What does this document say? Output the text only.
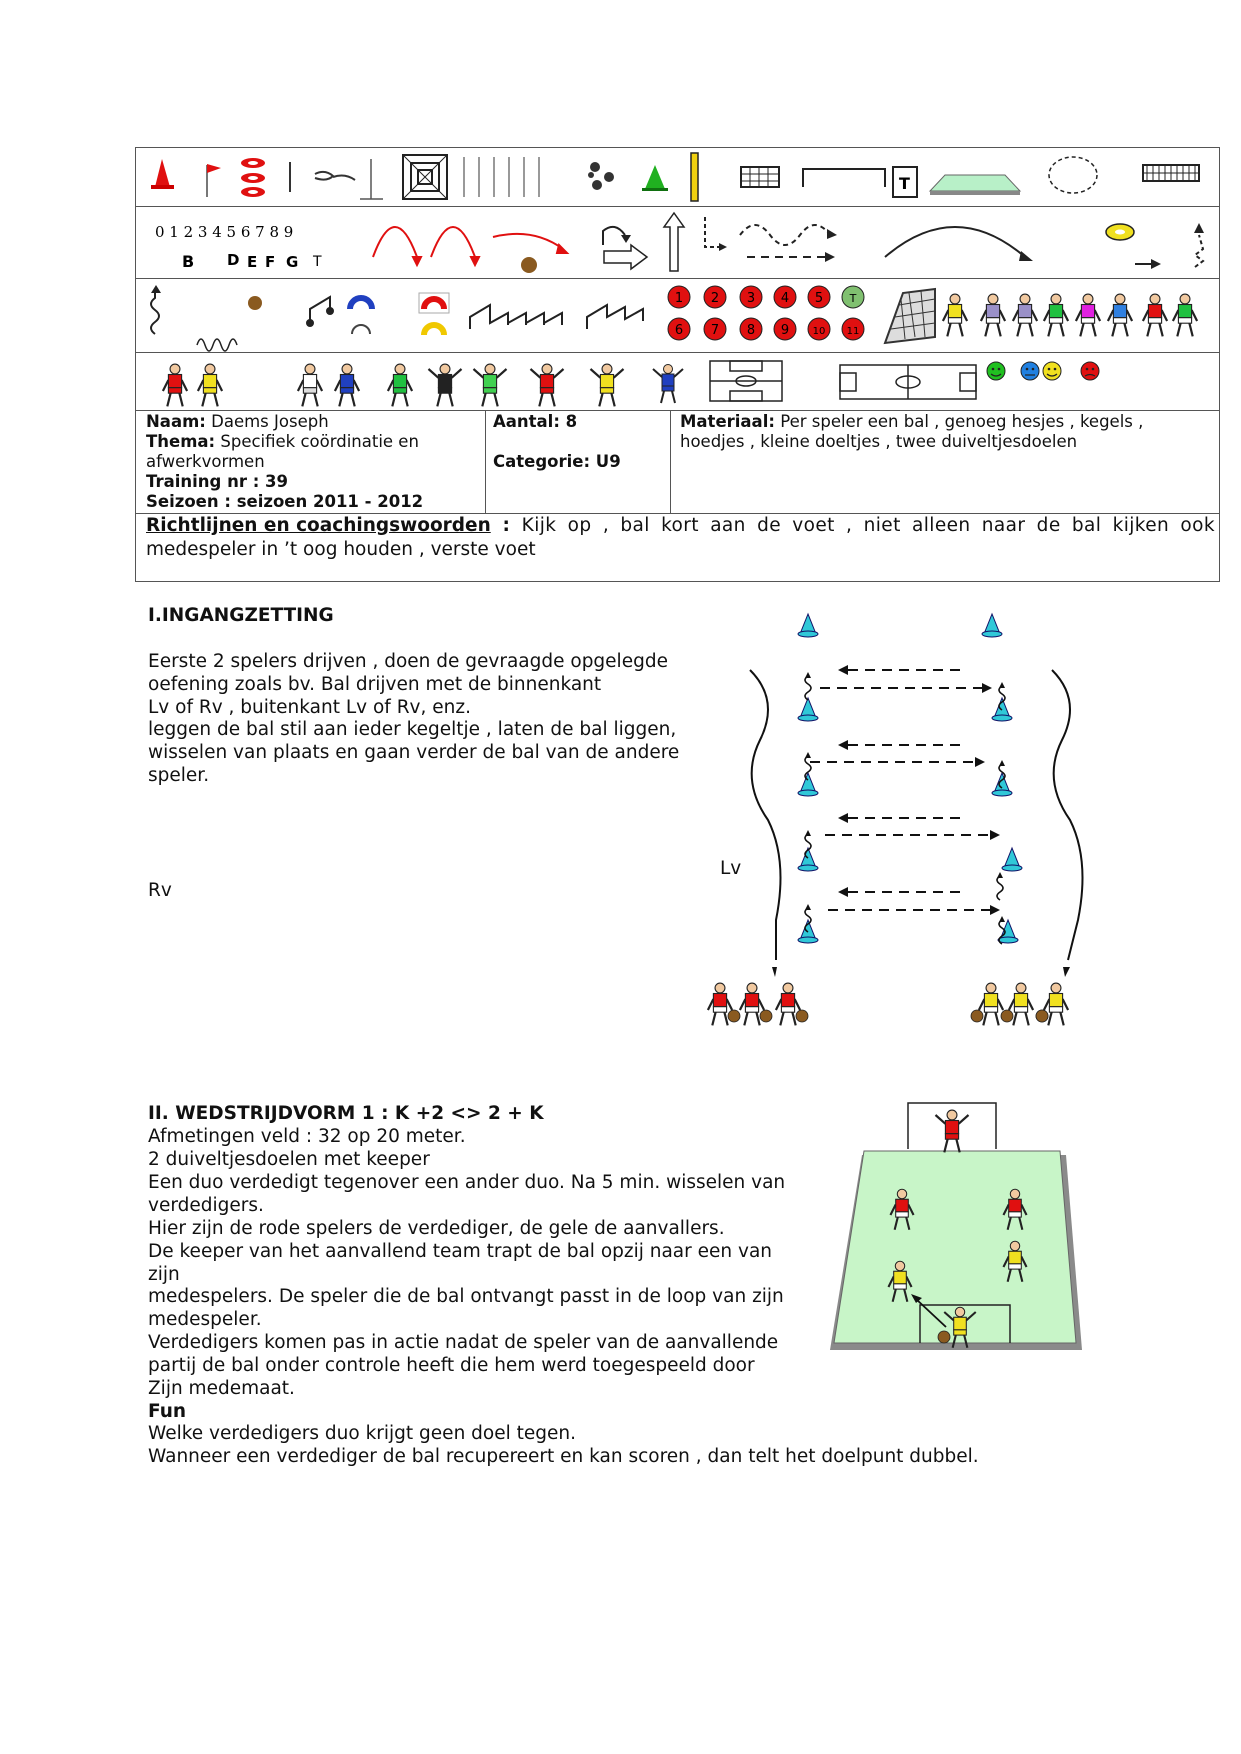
T
0 1 2 3 4 5 6 7 8 9
B D E F G T
1 2 3 4 5 T
6 7 8 9 10 11
Naam: Daems Joseph
Thema: Specifiek coördinatie en
afwerkvormen
Training nr : 39
Seizoen : seizoen 2011 - 2012
Aantal: 8

Categorie: U9
Materiaal: Per speler een bal , genoeg hesjes , kegels ,
hoedjes , kleine doeltjes , twee duiveltjesdoelen
Richtlijnen en coachingswoorden : Kijk op , bal kort aan de voet , niet alleen naar de bal kijken ook
medespeler in ’t oog houden , verste voet
I.INGANGZETTING
Eerste 2 spelers drijven , doen de gevraagde opgelegde
oefening zoals bv. Bal drijven met de binnenkant
Lv of Rv , buitenkant Lv of Rv, enz.
leggen de bal stil aan ieder kegeltje , laten de bal liggen,
wisselen van plaats en gaan verder de bal van de andere
speler.
Rv
Lv
II. WEDSTRIJDVORM 1 : K +2 <> 2 + K
Afmetingen veld : 32 op 20 meter.
2 duiveltjesdoelen met keeper
Een duo verdedigt tegenover een ander duo. Na 5 min. wisselen van
verdedigers.
Hier zijn de rode spelers de verdediger, de gele de aanvallers.
De keeper van het aanvallend team trapt de bal opzij naar een van
zijn
medespelers. De speler die de bal ontvangt passt in de loop van zijn
medespeler.
Verdedigers komen pas in actie nadat de speler van de aanvallende
partij de bal onder controle heeft die hem werd toegespeeld door
Zijn medemaat.
Fun
Welke verdedigers duo krijgt geen doel tegen.
Wanneer een verdediger de bal recupereert en kan scoren , dan telt het doelpunt dubbel.
